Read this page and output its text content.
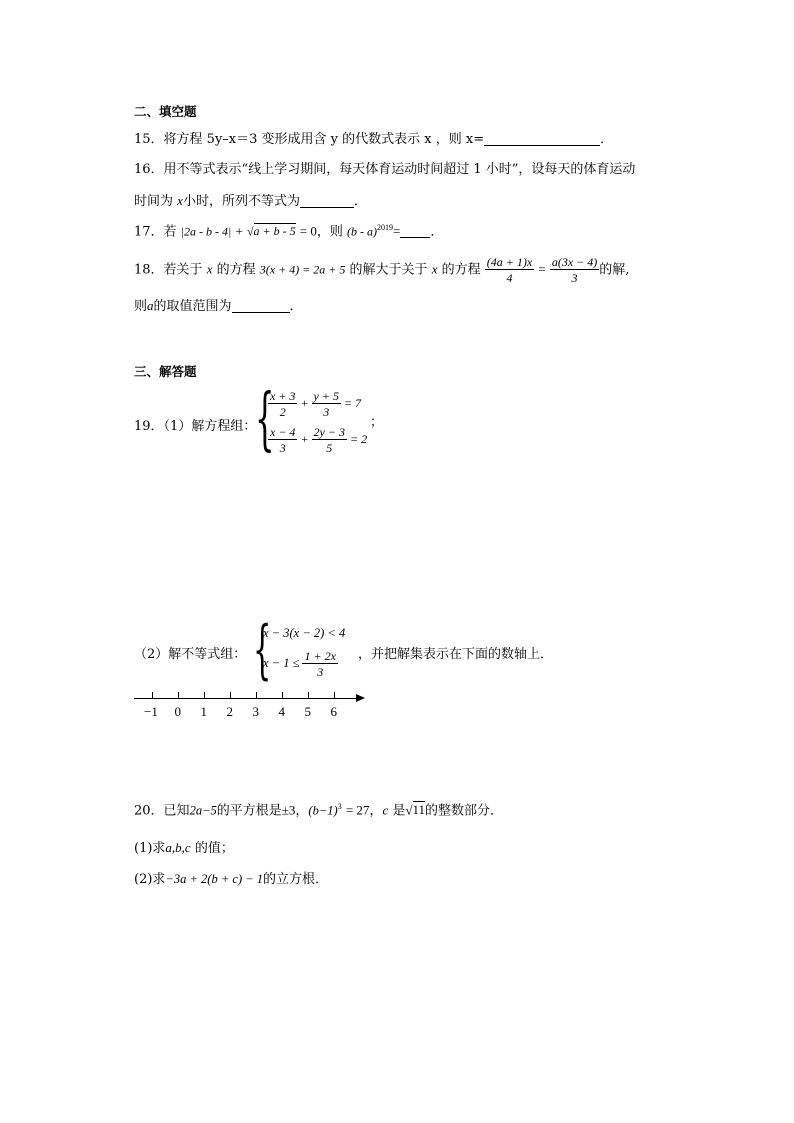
二、填空题
15．将方程 5y–x＝3 变形成用含 y 的代数式表示 x ，则 x=	．
16．用不等式表示“线上学习期间，每天体育运动时间超过 1 小时”，设每天的体育运动
时间为 x小时，所列不等式为	．
17．若 |2a - b - 4| + √a + b - 5 = 0，则 (b - a)$^{2019}$= ．
18．若关于 x 的方程 3(x + 4) = 2a + 5 的解大于关于 x 的方程 $\frac{(4a + 1)x}{4} = \frac{a(3x - 4)}{3}$ 的解,
则a的取值范围为	．
三、解答题
19．（1）解方程组：
{
$\frac{x + 3}{2} + \frac{y + 5}{3} = 7$
$\frac{x - 4}{3} + \frac{2y - 3}{5} = 2$
；
（2）解不等式组： {
x − 3(x − 2) < 4
$x - 1 \le \frac{1 + 2x}{3}$ ，并把解集表示在下面的数轴上．
−1 0 1 2 3 4 5 6
20．已知2a−5的平方根是±3，$(b-1)^3 = 27$，c 是√11的整数部分．
(1)求a,b,c 的值；
(2)求−3a + 2(b + c) − 1的立方根．
